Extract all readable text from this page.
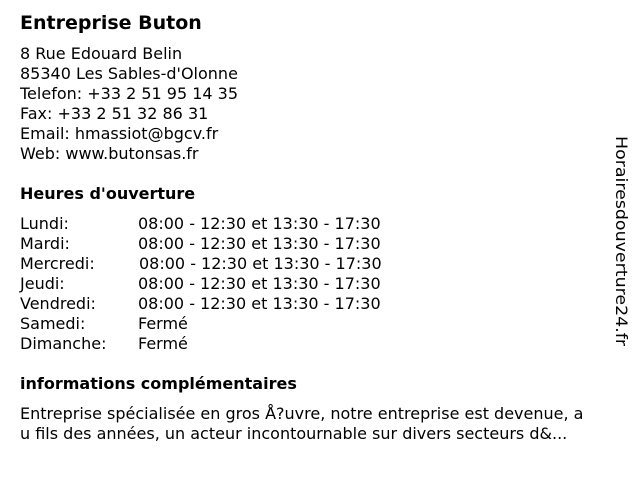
Entreprise Buton
8 Rue Edouard Belin
85340 Les Sables-d'Olonne
Telefon: +33 2 51 95 14 35
Fax: +33 2 51 32 86 31
Email: hmassiot@bgcv.fr
Web: www.butonsas.fr
Heures d'ouverture
Lundi:	08:00 - 12:30 et 13:30 - 17:30
Mardi:	08:00 - 12:30 et 13:30 - 17:30
Mercredi:	08:00 - 12:30 et 13:30 - 17:30
Jeudi:	08:00 - 12:30 et 13:30 - 17:30
Vendredi:	08:00 - 12:30 et 13:30 - 17:30
Samedi:	Fermé
Dimanche: Fermé
informations complémentaires
Entreprise spécialisée en gros Å?uvre, notre entreprise est devenue, a
u fils des années, un acteur incontournable sur divers secteurs d&...
Horairesdouverture24.fr
